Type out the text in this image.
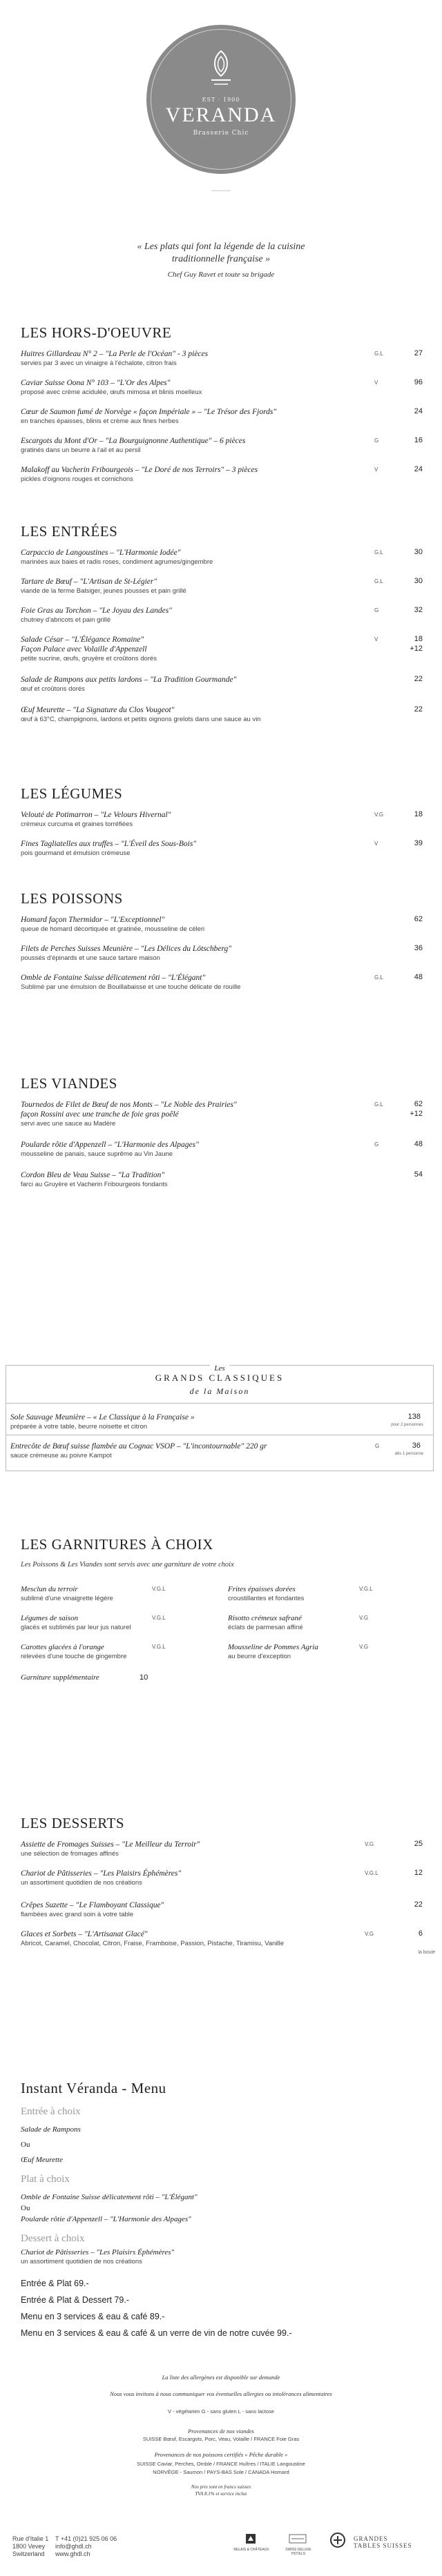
EST · 1900
VERANDA
Brasserie Chic
« Les plats qui font la légende de la cuisine
traditionnelle française »
Chef Guy Ravet et toute sa brigade
LES HORS-D'OEUVRE
Huitres Gillardeau N° 2 – "La Perle de l'Océan" - 3 pièces
servies par 3 avec un vinaigre à l'échalote, citron frais
G.L	27
Caviar Suisse Oona N° 103 – "L'Or des Alpes"
proposé avec crème acidulée, œufs mimosa et blinis moelleux
V	96
Cœur de Saumon fumé de Norvège « façon Impériale » – "Le Trésor des Fjords"
en tranches épaisses, blinis et crème aux fines herbes
24
Escargots du Mont d'Or – "La Bourguignonne Authentique" – 6 pièces
gratinés dans un beurre à l'ail et au persil
G	16
Malakoff au Vacherin Fribourgeois – "Le Doré de nos Terroirs" – 3 pièces
pickles d'oignons rouges et cornichons
V	24
LES ENTRÉES
Carpaccio de Langoustines – "L'Harmonie Iodée"
marinées aux baies et radis roses, condiment agrumes/gingembre
G.L	30
Tartare de Bœuf – "L'Artisan de St-Légier"
viande de la ferme Balsiger, jeunes pousses et pain grillé
G.L	30
Foie Gras au Torchon – "Le Joyau des Landes"
chutney d'abricots et pain grillé
G	32
Salade César – "L'Élégance Romaine"
Façon Palace avec Volaille d'Appenzell
petite sucrine, œufs, gruyère et croûtons dorés
V	18
+12
Salade de Rampons aux petits lardons – "La Tradition Gourmande"
œuf et croûtons dorés
22
Œuf Meurette – "La Signature du Clos Vougeot"
œuf à 63°C, champignons, lardons et petits oignons grelots dans une sauce au vin
22
LES LÉGUMES
Velouté de Potimarron – "Le Velours Hivernal"
crémeux curcuma et graines torréfiées
V.G	18
Fines Tagliatelles aux truffes – "L'Éveil des Sous-Bois"
pois gourmand et émulsion crémeuse
V	39
LES POISSONS
Homard façon Thermidor – "L'Exceptionnel"
queue de homard décortiquée et gratinée, mousseline de céleri
62
Filets de Perches Suisses Meunière – "Les Délices du Lötschberg"
poussés d'épinards et une sauce tartare maison
36
Omble de Fontaine Suisse délicatement rôti – "L'Élégant"
Sublimé par une émulsion de Bouillabaisse et une touche délicate de rouille
G.L	48
LES VIANDES
Tournedos de Filet de Bœuf de nos Monts – "Le Noble des Prairies"
façon Rossini avec une tranche de foie gras poêlé
servi avec une sauce au Madère
G.L	62
+12
Poularde rôtie d'Appenzell – "L'Harmonie des Alpages"
mousseline de panais, sauce suprême au Vin Jaune
G	48
Cordon Bleu de Veau Suisse – "La Tradition"
farci au Gruyère et Vacherin Fribourgeois fondants
54
Les
GRANDS CLASSIQUES
de la Maison
Sole Sauvage Meunière – « Le Classique à la Française »
préparée à votre table, beurre noisette et citron
138
pour 2 personnes
Entrecôte de Bœuf suisse flambée au Cognac VSOP – "L'incontournable" 220 gr
sauce crémeuse au poivre Kampot
G	36
dès 1 personne
LES GARNITURES À CHOIX
Les Poissons & Les Viandes sont servis avec une garniture de votre choix
Mesclun du terroir
sublimé d'une vinaigrette légère
V.G.L
Légumes de saison
glacés et sublimés par leur jus naturel
V.G.L
Carottes glacées à l'orange
relevées d'une touche de gingembre
V.G.L
Garniture supplémentaire	10
Frites épaisses dorées
croustillantes et fondantes
V.G.L
Risotto crémeux safrané
éclats de parmesan affiné
V.G
Mousseline de Pommes Agria
au beurre d'exception
V.G
LES DESSERTS
Assiette de Fromages Suisses – "Le Meilleur du Terroir"
une sélection de fromages affinés
V.G	25
Chariot de Pâtisseries – "Les Plaisirs Éphémères"
un assortiment quotidien de nos créations
V.G.L	12
Crêpes Suzette – "Le Flamboyant Classique"
flambées avec grand soin à votre table
22
Glaces et Sorbets – "L'Artisanat Glacé"
Abricot, Caramel, Chocolat, Citron, Fraise, Framboise, Passion, Pistache, Tiramisu, Vanille
V.G	6
Instant Véranda - Menu
Entrée à choix
Salade de Rampons
Ou
Œuf Meurette
Plat à choix
Omble de Fontaine Suisse délicatement rôti – "L'Élégant"
Ou
Poularde rôtie d'Appenzell – "L'Harmonie des Alpages"
Dessert à choix
Chariot de Pâtisseries – "Les Plaisirs Éphémères"
un assortiment quotidien de nos créations
Entrée & Plat 69.-
Entrée & Plat & Dessert 79.-
Menu en 3 services & eau & café 89.-
Menu en 3 services & eau & café & un verre de vin de notre cuvée 99.-
La liste des allergènes est disponible sur demande
Nous vous invitons à nous communiquer vos éventuelles allergies ou intolérances alimentaires
V - végétarien G - sans gluten L - sans lactose
Provenances de nos viandes
SUISSE Bœuf, Escargots, Porc, Veau, Volaille / FRANCE Foie Gras
Provenances de nos poissons certifiés « Pêche durable »
SUISSE Caviar, Perches, Omble / FRANCE Huîtres / ITALIE Langoustine
NORVÈGE - Saumon / PAYS-BAS Sole / CANADA Homard
Nos prix sont en francs suisses
TVA 8.1% et service inclus
Rue d'Italie 1
1800 Vevey
Switzerland
T +41 (0)21 925 06 06
info@ghdl.ch
www.ghdl.ch
RELAIS & CHÂTEAUX	SWISS DELUXE HOTELS
GRANDES TABLES SUISSES
la boule
